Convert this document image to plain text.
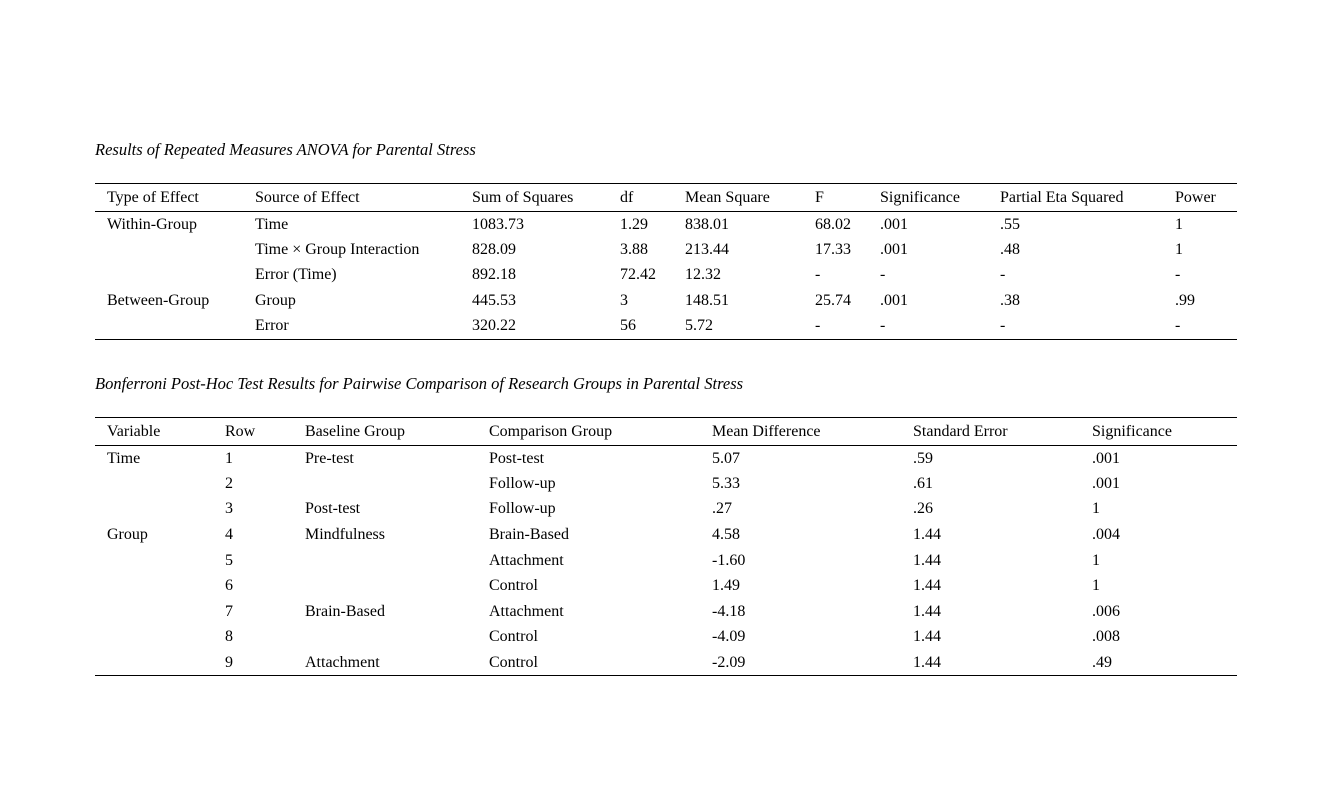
Results of Repeated Measures ANOVA for Parental Stress
Type of Effect	Source of Effect	Sum of Squares	df	Mean Square	F	Significance	Partial Eta Squared	Power
Within-Group	Time	1083.73	1.29	838.01	68.02	.001	.55	1
	Time × Group Interaction	828.09	3.88	213.44	17.33	.001	.48	1
	Error (Time)	892.18	72.42	12.32	-	-	-	-
Between-Group	Group	445.53	3	148.51	25.74	.001	.38	.99
	Error	320.22	56	5.72	-	-	-	-
Bonferroni Post-Hoc Test Results for Pairwise Comparison of Research Groups in Parental Stress
Variable	Row	Baseline Group	Comparison Group	Mean Difference	Standard Error	Significance
Time	1	Pre-test	Post-test	5.07	.59	.001
	2		Follow-up	5.33	.61	.001
	3	Post-test	Follow-up	.27	.26	1
Group	4	Mindfulness	Brain-Based	4.58	1.44	.004
	5		Attachment	-1.60	1.44	1
	6		Control	1.49	1.44	1
	7	Brain-Based	Attachment	-4.18	1.44	.006
	8		Control	-4.09	1.44	.008
	9	Attachment	Control	-2.09	1.44	.49
